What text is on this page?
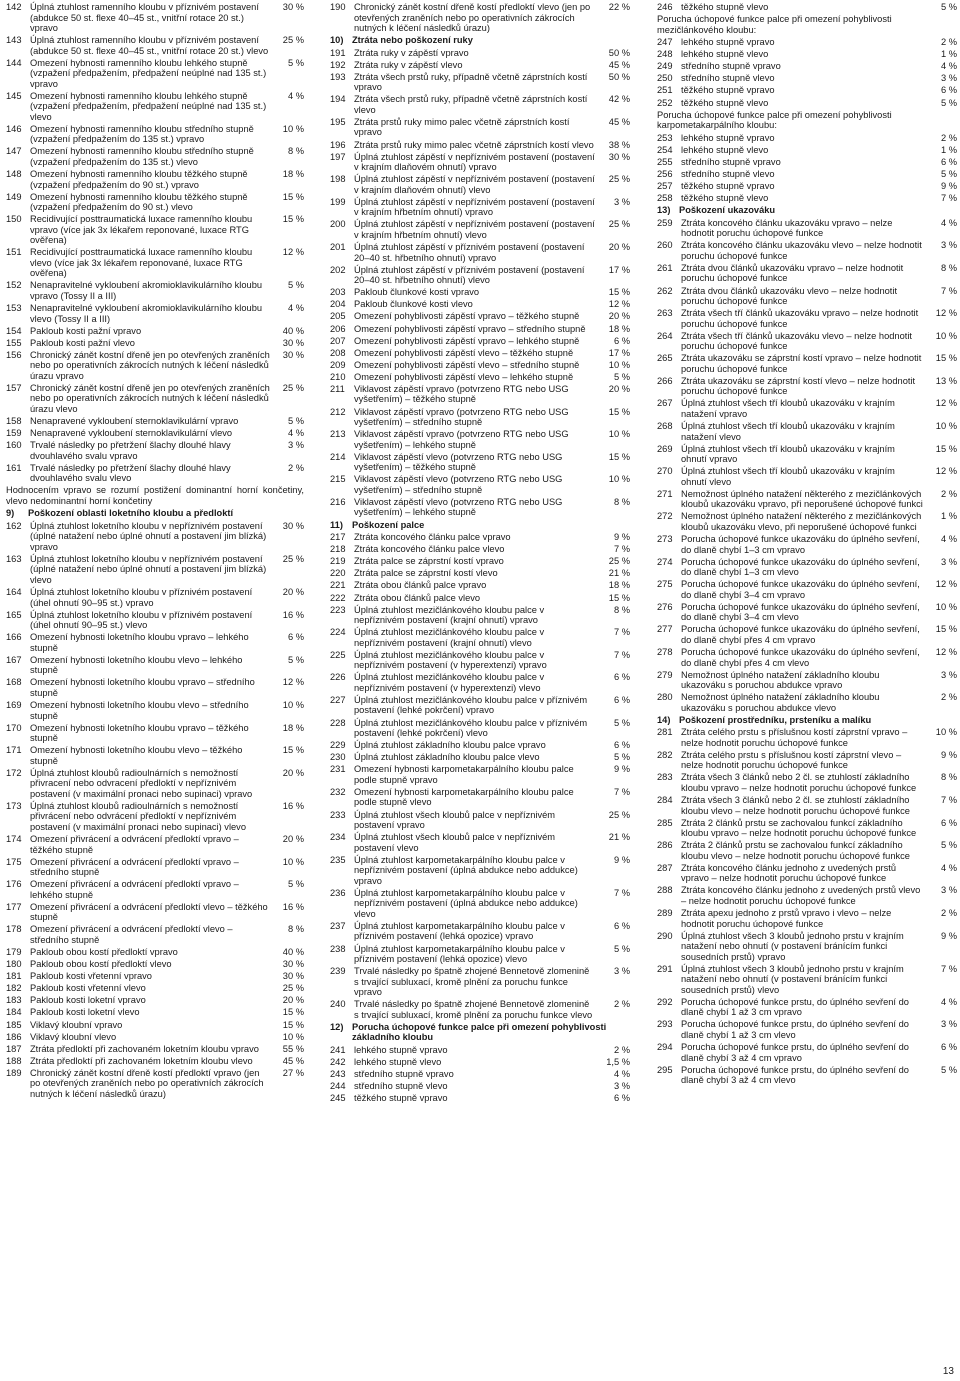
142 Úplná ztuhlost ramenního kloubu v příznivém postavení (abdukce 50 st. flexe 40–45 st., vnitřní rotace 20 st.) vpravo
30 %
143 Úplná ztuhlost ramenního kloubu v příznivém postavení (abdukce 50 st. flexe 40–45 st., vnitřní rotace 20 st.) vlevo
25 %
144 Omezení hybnosti ramenního kloubu lehkého stupně (vzpažení předpažením, předpažení neúplné nad 135 st.) vpravo
5 %
145 Omezení hybnosti ramenního kloubu lehkého stupně (vzpažení předpažením, předpažení neúplné nad 135 st.) vlevo
4 %
146 Omezení hybnosti ramenního kloubu středního stupně (vzpažení předpažením do 135 st.) vpravo
10 %
147 Omezení hybnosti ramenního kloubu středního stupně (vzpažení předpažením do 135 st.) vlevo
8 %
148 Omezení hybnosti ramenního kloubu těžkého stupně (vzpažení předpažením do 90 st.) vpravo
18 %
149 Omezení hybnosti ramenního kloubu těžkého stupně (vzpažení předpažením do 90 st.) vlevo
15 %
150 Recidivující posttraumatická luxace ramenního kloubu vpravo (více jak 3x lékařem reponované, luxace RTG ověřena)
15 %
151 Recidivující posttraumatická luxace ramenního kloubu vlevo (více jak 3x lékařem reponované, luxace RTG ověřena)
12 %
152 Nenapravitelné vykloubení akromioklavikulárního kloubu vpravo (Tossy II a III)
5 %
153 Nenapravitelné vykloubení akromioklavikulárního kloubu vlevo (Tossy II a III)
4 %
154 Pakloub kosti pažní vpravo	40 %
155 Pakloub kosti pažní vlevo	30 %
156 Chronický zánět kostní dřeně jen po otevřených zraněních nebo po operativních zákrocích nutných k léčení následků úrazu vpravo
30 %
157 Chronický zánět kostní dřeně jen po otevřených zraněních nebo po operativních zákrocích nutných k léčení následků úrazu vlevo
25 %
158 Nenapravené vykloubení sternoklavikulární vpravo	5 %
159 Nenapravené vykloubení sternoklavikulární vlevo	4 %
160 Trvalé následky po přetržení šlachy dlouhé hlavy dvouhlavého svalu vpravo
3 %
161 Trvalé následky po přetržení šlachy dlouhé hlavy dvouhlavého svalu vlevo
2 %
Hodnocením vpravo se rozumí postižení dominantní horní končetiny, vlevo nedominantní horní končetiny
9)	Poškození oblasti loketního kloubu a předloktí
162 Úplná ztuhlost loketního kloubu v nepříznivém postavení (úplné natažení nebo úplné ohnutí a postavení jim blízká) vpravo
30 %
163 Úplná ztuhlost loketního kloubu v nepříznivém postavení (úplné natažení nebo úplné ohnutí a postavení jim blízká) vlevo
25 %
164 Úplná ztuhlost loketního kloubu v příznivém postavení (úhel ohnutí 90–95 st.) vpravo
20 %
165 Úplná ztuhlost loketního kloubu v příznivém postavení (úhel ohnutí 90–95 st.) vlevo
16 %
166 Omezení hybnosti loketního kloubu vpravo – lehkého stupně
6 %
167 Omezení hybnosti loketního kloubu vlevo – lehkého stupně
5 %
168 Omezení hybnosti loketního kloubu vpravo – středního stupně
12 %
169 Omezení hybnosti loketního kloubu vlevo – středního stupně
10 %
170 Omezení hybnosti loketního kloubu vpravo – těžkého stupně
18 %
171 Omezení hybnosti loketního kloubu vlevo – těžkého stupně
15 %
172 Úplná ztuhlost kloubů radioulnárních s nemožností přivracení nebo odvracení předloktí v nepříznivém postavení (v maximální pronaci nebo supinaci) vpravo
20 %
173 Úplná ztuhlost kloubů radioulnárních s nemožností přivrácení nebo odvrácení předloktí v nepříznivém postavení (v maximální pronaci nebo supinaci) vlevo
16 %
174 Omezení přivrácení a odvrácení předloktí vpravo – těžkého stupně
20 %
175 Omezení přivrácení a odvrácení předloktí vpravo – středního stupně
10 %
176 Omezení přivrácení a odvrácení předloktí vpravo – lehkého stupně
5 %
177 Omezení přivrácení a odvrácení předloktí vlevo – těžkého stupně
16 %
178 Omezení přivrácení a odvrácení předloktí vlevo – středního stupně
8 %
179 Pakloub obou kostí předloktí vpravo	40 %
180 Pakloub obou kostí předloktí vlevo	30 %
181 Pakloub kosti vřetenní vpravo	30 %
182 Pakloub kosti vřetenní vlevo	25 %
183 Pakloub kosti loketní vpravo	20 %
184 Pakloub kosti loketní vlevo	15 %
185 Viklavý kloubní vpravo	15 %
186 Viklavý kloubní vlevo	10 %
187 Ztráta předloktí při zachovaném loketním kloubu vpravo	55 %
188 Ztráta předloktí při zachovaném loketním kloubu vlevo	45 %
189 Chronický zánět kostní dřeně kostí předloktí vpravo (jen po otevřených zraněních nebo po operativních zákrocích nutných k léčení následků úrazu)
27 %
190 Chronický zánět kostní dřeně kostí předloktí vlevo (jen po otevřených zraněních nebo po operativních zákrocích nutných k léčení následků úrazu)
22 %
10) Ztráta nebo poškození ruky
191 Ztráta ruky v zápěstí vpravo	50 %
192 Ztráta ruky v zápěstí vlevo	45 %
193 Ztráta všech prstů ruky, případně včetně záprstních kostí vpravo
50 %
194 Ztráta všech prstů ruky, případně včetně záprstních kostí vlevo
42 %
195 Ztráta prstů ruky mimo palec včetně záprstních kostí vpravo
45 %
196 Ztráta prstů ruky mimo palec včetně záprstních kostí vlevo	38 %
197 Úplná ztuhlost zápěstí v nepříznivém postavení (postavení v krajním dlaňovém ohnutí) vpravo
30 %
198 Úplná ztuhlost zápěstí v nepříznivém postavení (postavení v krajním dlaňovém ohnutí) vlevo
25 %
199 Úplná ztuhlost zápěstí v nepříznivém postavení (postavení v krajním hřbetním ohnutí) vpravo
3 %
200 Úplná ztuhlost zápěstí v nepříznivém postavení (postavení v krajním hřbetním ohnutí) vlevo
25 %
201 Úplná ztuhlost zápěstí v příznivém postavení (postavení 20–40 st. hřbetního ohnutí) vpravo
20 %
202 Úplná ztuhlost zápěstí v příznivém postavení (postavení 20–40 st. hřbetního ohnutí) vlevo
17 %
203 Pakloub člunkové kosti vpravo	15 %
204 Pakloub člunkové kosti vlevo	12 %
205 Omezení pohyblivosti zápěstí vpravo – těžkého stupně	20 %
206 Omezení pohyblivosti zápěstí vpravo – středního stupně	18 %
207 Omezení pohyblivosti zápěstí vpravo – lehkého stupně	6 %
208 Omezení pohyblivosti zápěstí vlevo – těžkého stupně	17 %
209 Omezení pohyblivosti zápěstí vlevo – středního stupně	10 %
210 Omezení pohyblivosti zápěstí vlevo – lehkého stupně	5 %
211 Viklavost zápěstí vpravo (potvrzeno RTG nebo USG vyšetřením) – těžkého stupně
20 %
212 Viklavost zápěstí vpravo (potvrzeno RTG nebo USG vyšetřením) – středního stupně
15 %
213 Viklavost zápěstí vpravo (potvrzeno RTG nebo USG vyšetřením) – lehkého stupně
10 %
214 Viklavost zápěstí vlevo (potvrzeno RTG nebo USG vyšetřením) – těžkého stupně
15 %
215 Viklavost zápěstí vlevo (potvrzeno RTG nebo USG vyšetřením) – středního stupně
10 %
216 Viklavost zápěstí vlevo (potvrzeno RTG nebo USG vyšetřením) – lehkého stupně
8 %
11) Poškození palce
217 Ztráta koncového článku palce vpravo	9 %
218 Ztráta koncového článku palce vlevo	7 %
219 Ztráta palce se záprstní kostí vpravo	25 %
220 Ztráta palce se záprstní kostí vlevo	21 %
221 Ztráta obou článků palce vpravo	18 %
222 Ztráta obou článků palce vlevo	15 %
223 Úplná ztuhlost mezičlánkového kloubu palce v nepříznivém postavení (krajní ohnutí) vpravo
8 %
224 Úplná ztuhlost mezičlánkového kloubu palce v nepříznivém postavení (krajní ohnutí) vlevo
7 %
225 Úplná ztuhlost mezičlánkového kloubu palce v nepříznivém postavení (v hyperextenzi) vpravo
7 %
226 Úplná ztuhlost mezičlánkového kloubu palce v nepříznivém postavení (v hyperextenzi) vlevo
6 %
227 Úplná ztuhlost mezičlánkového kloubu palce v příznivém postavení (lehké pokrčení) vpravo
6 %
228 Úplná ztuhlost mezičlánkového kloubu palce v příznivém postavení (lehké pokrčení) vlevo
5 %
229 Úplná ztuhlost základního kloubu palce vpravo	6 %
230 Úplná ztuhlost základního kloubu palce vlevo	5 %
231 Omezení hybnosti karpometakarpálního kloubu palce podle stupně vpravo
9 %
232 Omezení hybnosti karpometakarpálního kloubu palce podle stupně vlevo
7 %
233 Úplná ztuhlost všech kloubů palce v nepříznivém postavení vpravo
25 %
234 Úplná ztuhlost všech kloubů palce v nepříznivém postavení vlevo
21 %
235 Úplná ztuhlost karpometakarpálního kloubu palce v nepříznivém postavení (úplná abdukce nebo addukce) vpravo
9 %
236 Úplná ztuhlost karpometakarpálního kloubu palce v nepříznivém postavení (úplná abdukce nebo addukce) vlevo
7 %
237 Úplná ztuhlost karpometakarpálního kloubu palce v příznivém postavení (lehká opozice) vpravo
6 %
238 Úplná ztuhlost karpometakarpálního kloubu palce v příznivém postavení (lehká opozice) vlevo
5 %
239 Trvalé následky po špatně zhojené Bennetově zlomenině s trvající subluxací, kromě plnění za poruchu funkce vpravo
3 %
240 Trvalé následky po špatně zhojené Bennetově zlomenině s trvající subluxací, kromě plnění za poruchu funkce vlevo
2 %
12) Porucha úchopové funkce palce při omezení pohyblivosti základního kloubu
241 lehkého stupně vpravo	2 %
242 lehkého stupně vlevo	1,5 %
243 středního stupně vpravo	4 %
244 středního stupně vlevo	3 %
245 těžkého stupně vpravo	6 %
246 těžkého stupně vlevo	5 %
Porucha úchopové funkce palce při omezení pohyblivosti mezičlánkového kloubu:
247 lehkého stupně vpravo	2 %
248 lehkého stupně vlevo	1 %
249 středního stupně vpravo	4 %
250 středního stupně vlevo	3 %
251 těžkého stupně vpravo	6 %
252 těžkého stupně vlevo	5 %
Porucha úchopové funkce palce při omezení pohyblivosti karpometakarpálního kloubu:
253 lehkého stupně vpravo	2 %
254 lehkého stupně vlevo	1 %
255 středního stupně vpravo	6 %
256 středního stupně vlevo	5 %
257 těžkého stupně vpravo	9 %
258 těžkého stupně vlevo	7 %
13) Poškození ukazováku
259 Ztráta koncového článku ukazováku vpravo – nelze hodnotit poruchu úchopové funkce
4 %
260 Ztráta koncového článku ukazováku vlevo – nelze hodnotit poruchu úchopové funkce
3 %
261 Ztráta dvou článků ukazováku vpravo – nelze hodnotit poruchu úchopové funkce
8 %
262 Ztráta dvou článků ukazováku vlevo – nelze hodnotit poruchu úchopové funkce
7 %
263 Ztráta všech tří článků ukazováku vpravo – nelze hodnotit poruchu úchopové funkce
12 %
264 Ztráta všech tří článků ukazováku vlevo – nelze hodnotit poruchu úchopové funkce
10 %
265 Ztráta ukazováku se záprstní kostí vpravo – nelze hodnotit poruchu úchopové funkce
15 %
266 Ztráta ukazováku se záprstní kostí vlevo – nelze hodnotit poruchu úchopové funkce
13 %
267 Úplná ztuhlost všech tří kloubů ukazováku v krajním natažení vpravo
12 %
268 Úplná ztuhlost všech tří kloubů ukazováku v krajním natažení vlevo
10 %
269 Úplná ztuhlost všech tří kloubů ukazováku v krajním ohnutí vpravo
15 %
270 Úplná ztuhlost všech tří kloubů ukazováku v krajním ohnutí vlevo
12 %
271 Nemožnost úplného natažení některého z mezičlánkových kloubů ukazováku vpravo, při neporušené úchopové funkci
2 %
272 Nemožnost úplného natažení některého z mezičlánkových kloubů ukazováku vlevo, při neporušené úchopové funkci
1 %
273 Porucha úchopové funkce ukazováku do úplného sevření, do dlaně chybí 1–3 cm vpravo
4 %
274 Porucha úchopové funkce ukazováku do úplného sevření, do dlaně chybí 1–3 cm vlevo
3 %
275 Porucha úchopové funkce ukazováku do úplného sevření, do dlaně chybí 3–4 cm vpravo
12 %
276 Porucha úchopové funkce ukazováku do úplného sevření, do dlaně chybí 3–4 cm vlevo
10 %
277 Porucha úchopové funkce ukazováku do úplného sevření, do dlaně chybí přes 4 cm vpravo
15 %
278 Porucha úchopové funkce ukazováku do úplného sevření, do dlaně chybí přes 4 cm vlevo
12 %
279 Nemožnost úplného natažení základního kloubu ukazováku s poruchou abdukce vpravo
3 %
280 Nemožnost úplného natažení základního kloubu ukazováku s poruchou abdukce vlevo
2 %
14) Poškození prostředníku, prsteníku a malíku
281 Ztráta celého prstu s příslušnou kostí záprstní vpravo – nelze hodnotit poruchu úchopové funkce
10 %
282 Ztráta celého prstu s příslušnou kostí záprstní vlevo – nelze hodnotit poruchu úchopové funkce
9 %
283 Ztráta všech 3 článků nebo 2 čl. se ztuhlostí základního kloubu vpravo – nelze hodnotit poruchu úchopové funkce
8 %
284 Ztráta všech 3 článků nebo 2 čl. se ztuhlostí základního kloubu vlevo – nelze hodnotit poruchu úchopové funkce
7 %
285 Ztráta 2 článků prstu se zachovalou funkcí základního kloubu vpravo – nelze hodnotit poruchu úchopové funkce
6 %
286 Ztráta 2 článků prstu se zachovalou funkcí základního kloubu vlevo – nelze hodnotit poruchu úchopové funkce
5 %
287 Ztráta koncového článku jednoho z uvedených prstů vpravo – nelze hodnotit poruchu úchopové funkce
4 %
288 Ztráta koncového článku jednoho z uvedených prstů vlevo – nelze hodnotit poruchu úchopové funkce
3 %
289 Ztráta apexu jednoho z prstů vpravo i vlevo – nelze hodnotit poruchu úchopové funkce
2 %
290 Úplná ztuhlost všech 3 kloubů jednoho prstu v krajním natažení nebo ohnutí (v postavení bránícím funkci sousedních prstů) vpravo
9 %
291 Úplná ztuhlost všech 3 kloubů jednoho prstu v krajním natažení nebo ohnutí (v postavení bránícím funkci sousedních prstů) vlevo
7 %
292 Porucha úchopové funkce prstu, do úplného sevření do dlaně chybí 1 až 3 cm vpravo
4 %
293 Porucha úchopové funkce prstu, do úplného sevření do dlaně chybí 1 až 3 cm vlevo
3 %
294 Porucha úchopové funkce prstu, do úplného sevření do dlaně chybí 3 až 4 cm vpravo
6 %
295 Porucha úchopové funkce prstu, do úplného sevření do dlaně chybí 3 až 4 cm vlevo
5 %
13
